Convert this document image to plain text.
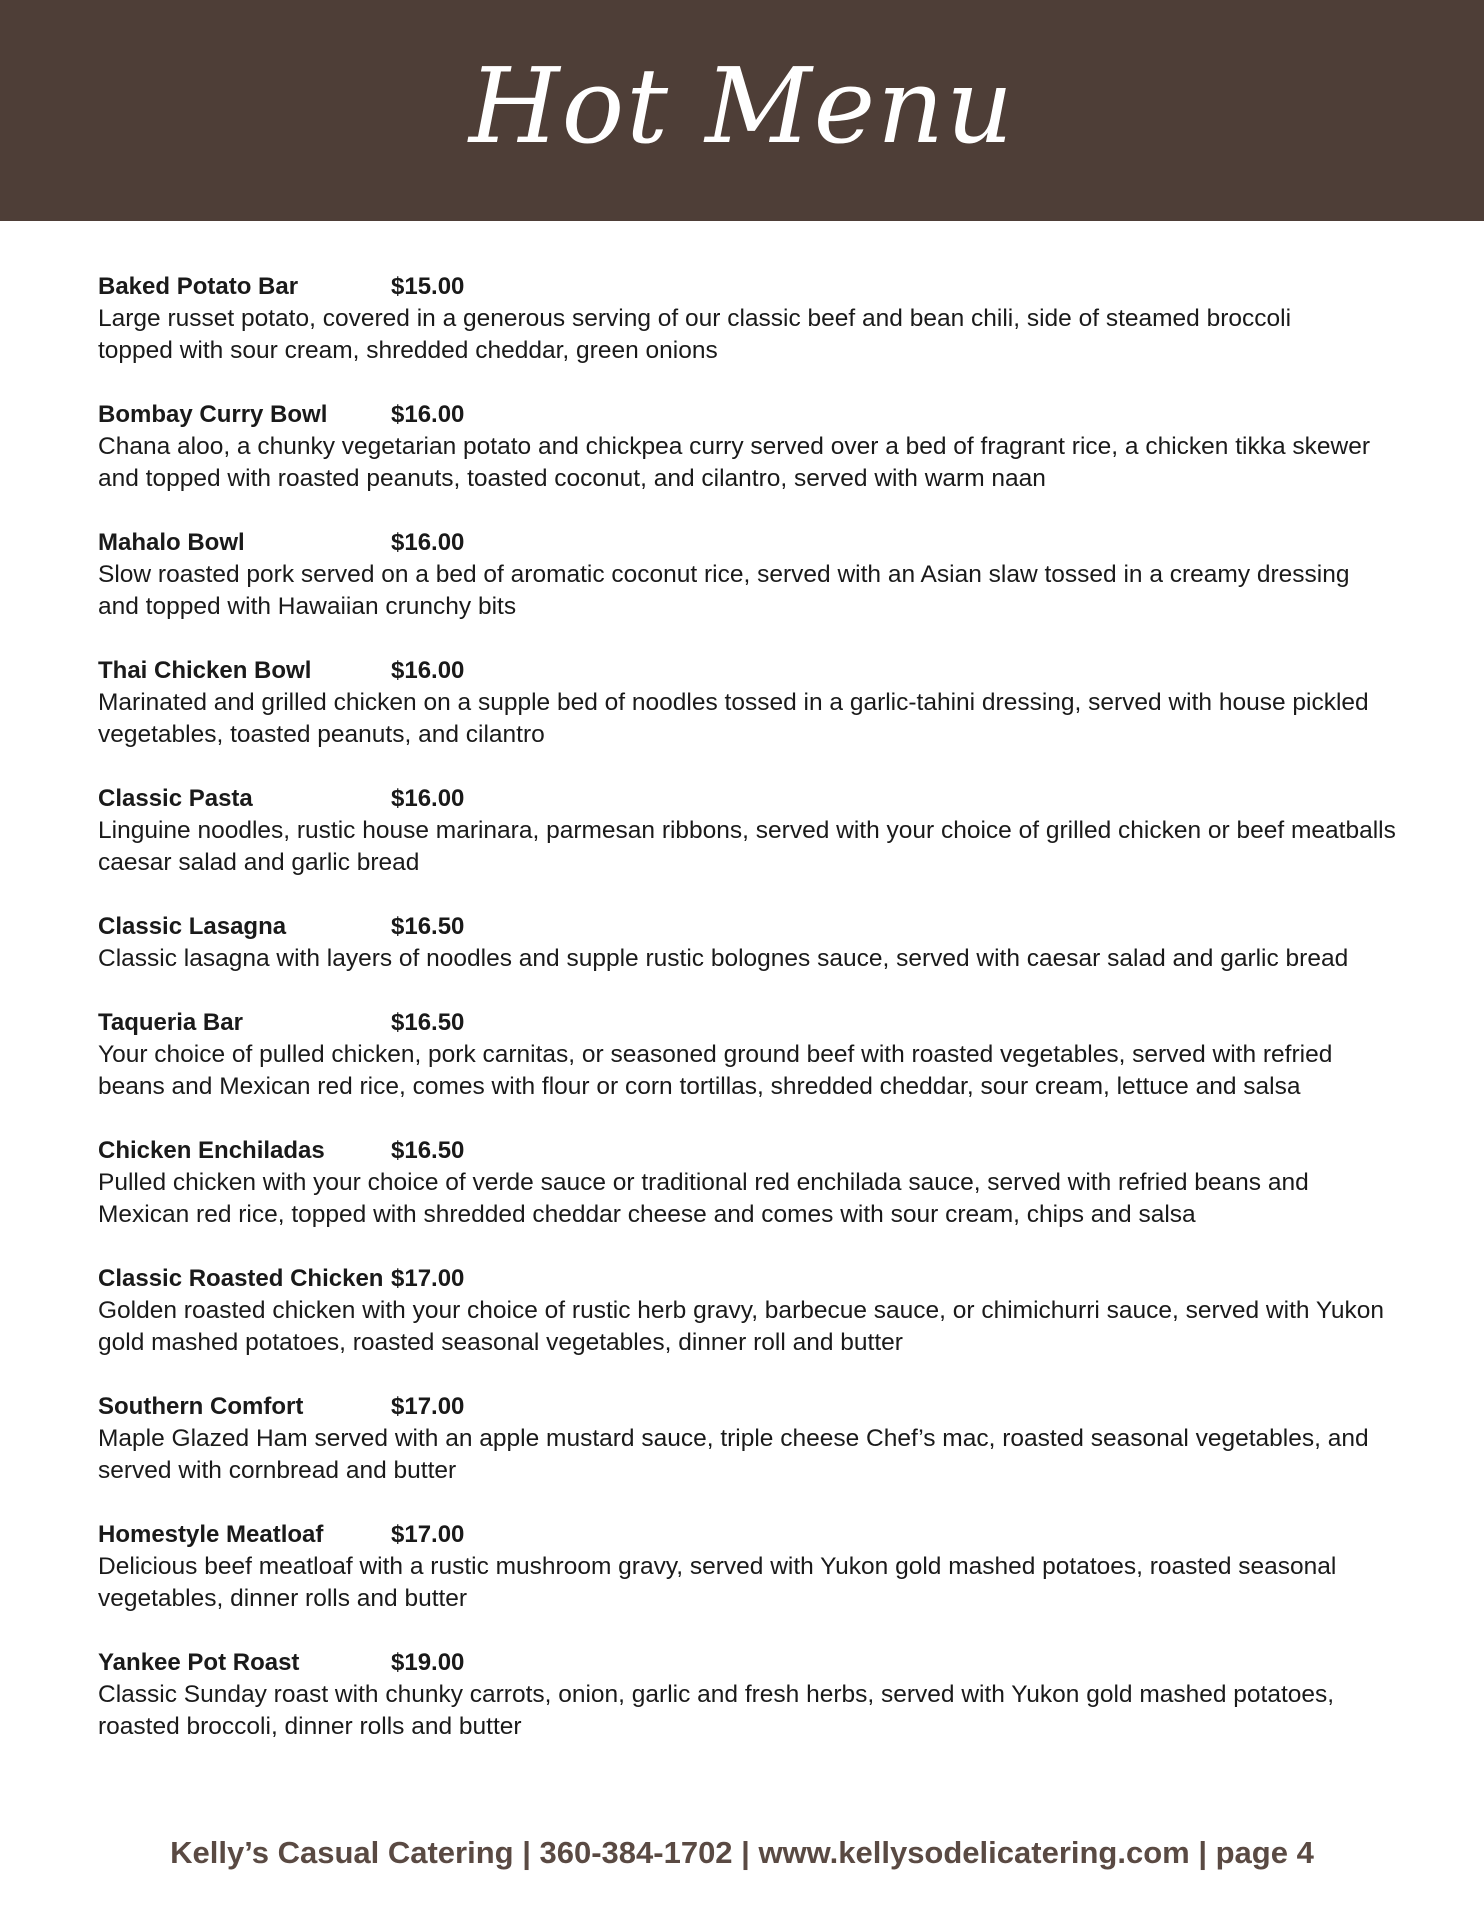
Hot Menu
Baked Potato Bar	$15.00
Large russet potato, covered in a generous serving of our classic beef and bean chili, side of steamed broccoli
topped with sour cream, shredded cheddar, green onions
Bombay Curry Bowl	$16.00
Chana aloo, a chunky vegetarian potato and chickpea curry served over a bed of fragrant rice, a chicken tikka skewer
and topped with roasted peanuts, toasted coconut, and cilantro, served with warm naan
Mahalo Bowl	$16.00
Slow roasted pork served on a bed of aromatic coconut rice, served with an Asian slaw tossed in a creamy dressing
and topped with Hawaiian crunchy bits
Thai Chicken Bowl	$16.00
Marinated and grilled chicken on a supple bed of noodles tossed in a garlic-tahini dressing, served with house pickled
vegetables, toasted peanuts, and cilantro
Classic Pasta	$16.00
Linguine noodles, rustic house marinara, parmesan ribbons, served with your choice of grilled chicken or beef meatballs
caesar salad and garlic bread
Classic Lasagna	$16.50
Classic lasagna with layers of noodles and supple rustic bolognes sauce, served with caesar salad and garlic bread
Taqueria Bar	$16.50
Your choice of pulled chicken, pork carnitas, or seasoned ground beef with roasted vegetables, served with refried
beans and Mexican red rice, comes with flour or corn tortillas, shredded cheddar, sour cream, lettuce and salsa
Chicken Enchiladas	$16.50
Pulled chicken with your choice of verde sauce or traditional red enchilada sauce, served with refried beans and
Mexican red rice, topped with shredded cheddar cheese and comes with sour cream, chips and salsa
Classic Roasted Chicken $17.00
Golden roasted chicken with your choice of rustic herb gravy, barbecue sauce, or chimichurri sauce, served with Yukon
gold mashed potatoes, roasted seasonal vegetables, dinner roll and butter
Southern Comfort	$17.00
Maple Glazed Ham served with an apple mustard sauce, triple cheese Chef’s mac, roasted seasonal vegetables, and
served with cornbread and butter
Homestyle Meatloaf	$17.00
Delicious beef meatloaf with a rustic mushroom gravy, served with Yukon gold mashed potatoes, roasted seasonal
vegetables, dinner rolls and butter
Yankee Pot Roast	$19.00
Classic Sunday roast with chunky carrots, onion, garlic and fresh herbs, served with Yukon gold mashed potatoes,
roasted broccoli, dinner rolls and butter
Kelly’s Casual Catering | 360-384-1702 | www.kellysodelicatering.com | page 4
